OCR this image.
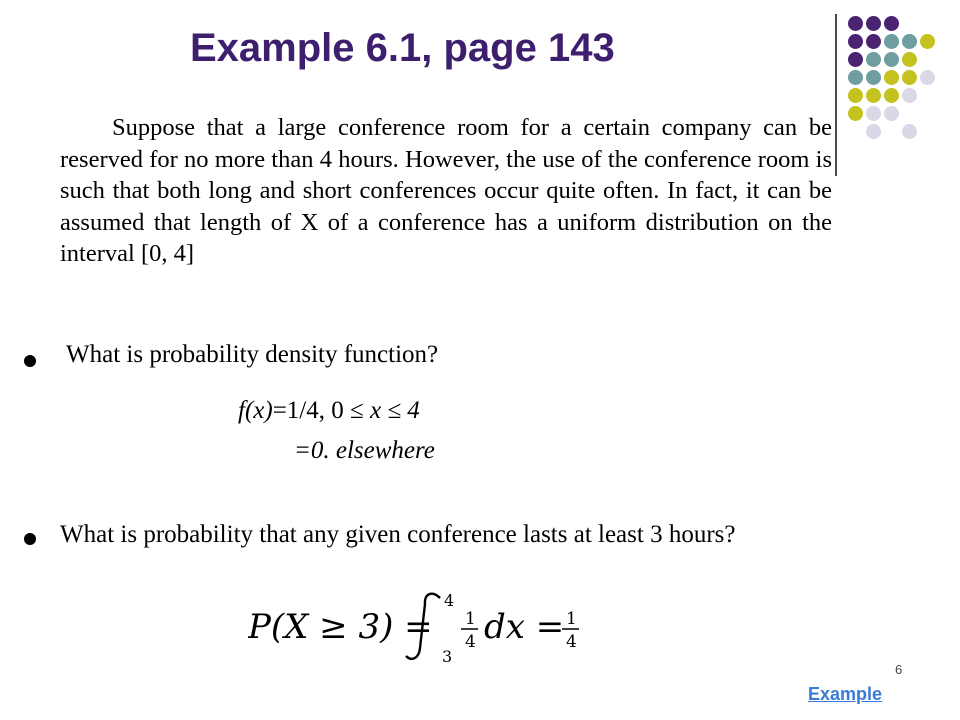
Example 6.1, page 143
Suppose that a large conference room for a certain company can be reserved for no more than 4 hours. However, the use of the conference room is such that both long and short conferences occur quite often. In fact, it can be assumed that length of X of a conference has a uniform distribution on the interval [0, 4]
What is probability density function?
f(x)=1/4, 0 ≤ x ≤ 4
=0. elsewhere
What is probability that any given conference lasts at least 3 hours?
P(X ≥ 3) =
4
3
1
4 dx = 1
4
6
Example
